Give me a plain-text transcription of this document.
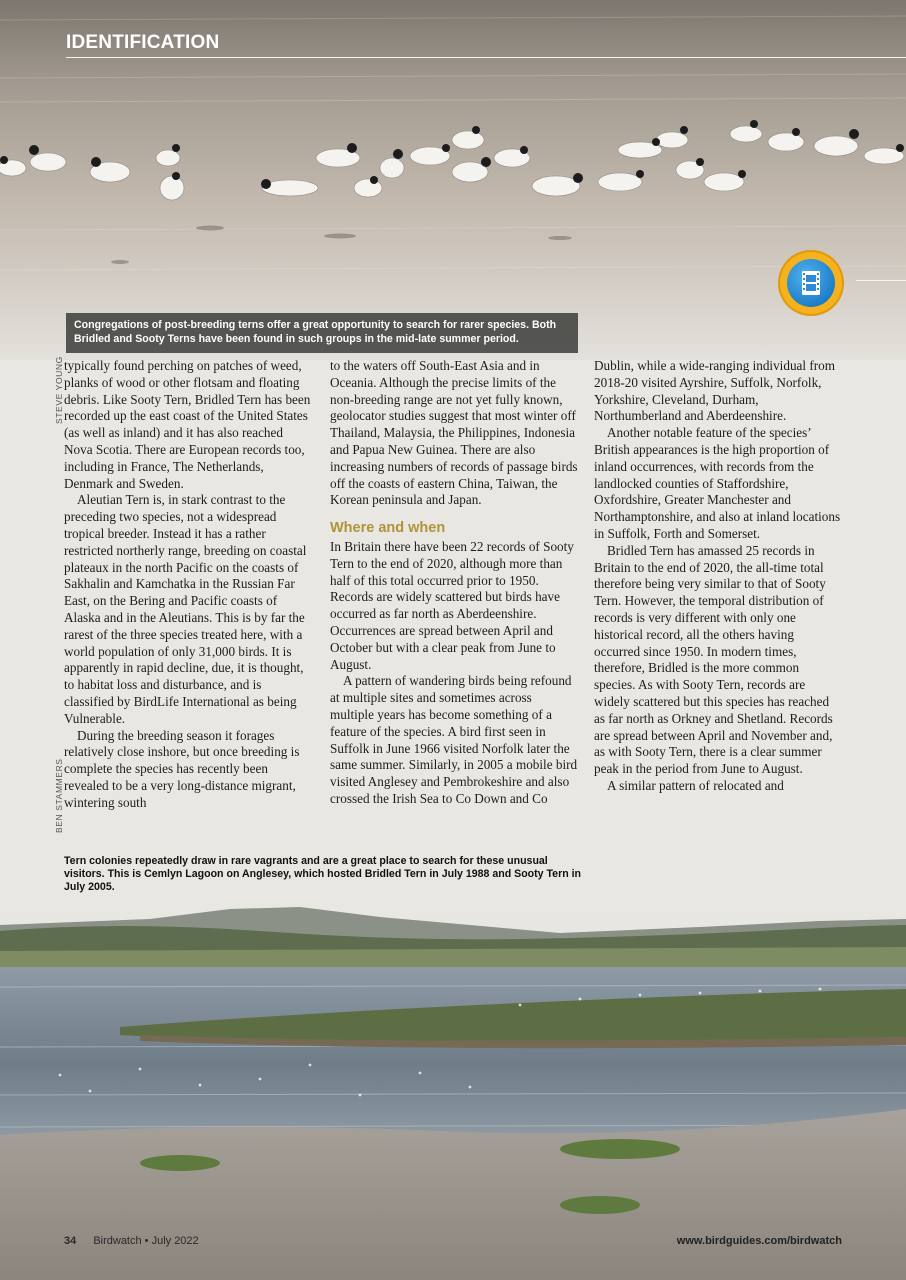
IDENTIFICATION
Congregations of post-breeding terns offer a great opportunity to search for rarer species. Both Bridled and Sooty Terns have been found in such groups in the mid-late summer period.
STEVE YOUNG
BEN STAMMERS

typically found perching on patches of weed, planks of wood or other flotsam and floating debris. Like Sooty Tern, Bridled Tern has been recorded up the east coast of the United States (as well as inland) and it has also reached Nova Scotia. There are European records too, including in France, The Netherlands, Denmark and Sweden.

Aleutian Tern is, in stark contrast to the preceding two species, not a widespread tropical breeder. Instead it has a rather restricted northerly range, breeding on coastal plateaux in the north Pacific on the coasts of Sakhalin and Kamchatka in the Russian Far East, on the Bering and Pacific coasts of Alaska and in the Aleutians. This is by far the rarest of the three species treated here, with a world population of only 31,000 birds. It is apparently in rapid decline, due, it is thought, to habitat loss and disturbance, and is classified by BirdLife International as being Vulnerable.

During the breeding season it forages relatively close inshore, but once breeding is complete the species has recently been revealed to be a very long-distance migrant, wintering south

to the waters off South-East Asia and in Oceania. Although the precise limits of the non-breeding range are not yet fully known, geolocator studies suggest that most winter off Thailand, Malaysia, the Philippines, Indonesia and Papua New Guinea. There are also increasing numbers of records of passage birds off the coasts of eastern China, Taiwan, the Korean peninsula and Japan.

Where and when

In Britain there have been 22 records of Sooty Tern to the end of 2020, although more than half of this total occurred prior to 1950. Records are widely scattered but birds have occurred as far north as Aberdeenshire. Occurrences are spread between April and October but with a clear peak from June to August.

A pattern of wandering birds being refound at multiple sites and sometimes across multiple years has become something of a feature of the species. A bird first seen in Suffolk in June 1966 visited Norfolk later the same summer. Similarly, in 2005 a mobile bird visited Anglesey and Pembrokeshire and also crossed the Irish Sea to Co Down and Co

Dublin, while a wide-ranging individual from 2018-20 visited Ayrshire, Suffolk, Norfolk, Yorkshire, Cleveland, Durham, Northumberland and Aberdeenshire.

Another notable feature of the species’ British appearances is the high proportion of inland occurrences, with records from the landlocked counties of Staffordshire, Oxfordshire, Greater Manchester and Northamptonshire, and also at inland locations in Suffolk, Forth and Somerset.

Bridled Tern has amassed 25 records in Britain to the end of 2020, the all-time total therefore being very similar to that of Sooty Tern. However, the temporal distribution of records is very different with only one historical record, all the others having occurred since 1950. In modern times, therefore, Bridled is the more common species. As with Sooty Tern, records are widely scattered but this species has reached as far north as Orkney and Shetland. Records are spread between April and November and, as with Sooty Tern, there is a clear summer peak in the period from June to August.

A similar pattern of relocated and

Tern colonies repeatedly draw in rare vagrants and are a great place to search for these unusual visitors. This is Cemlyn Lagoon on Anglesey, which hosted Bridled Tern in July 1988 and Sooty Tern in July 2005.
34 Birdwatch • July 2022	www.birdguides.com/birdwatch
